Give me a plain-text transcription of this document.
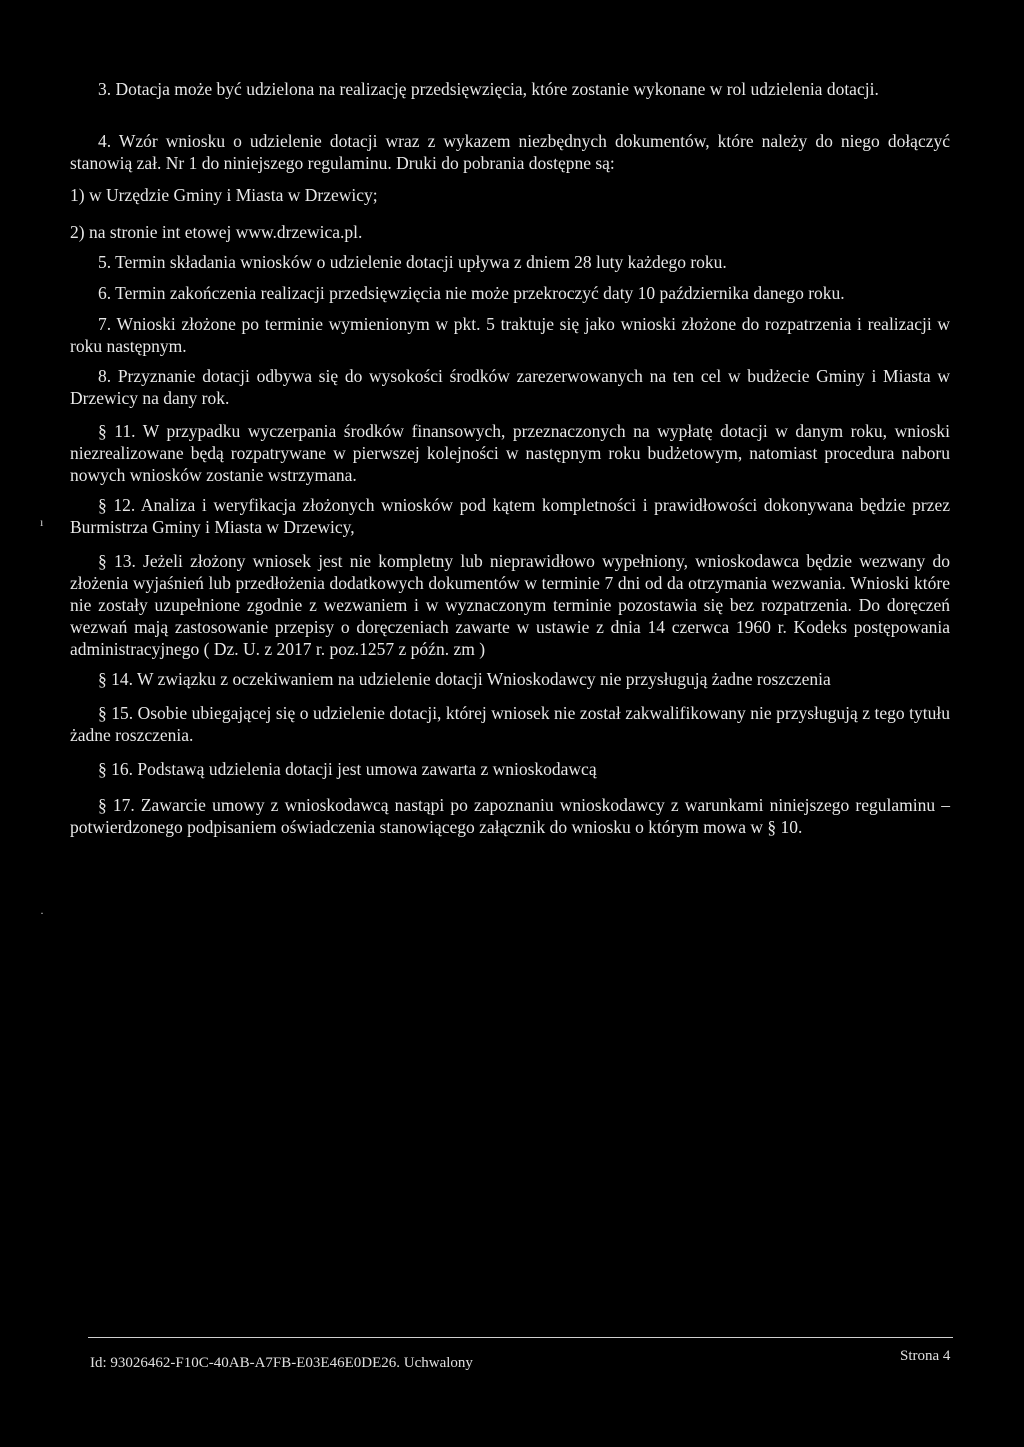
3. Dotacja może być udzielona na realizację przedsięwzięcia, które zostanie wykonane w rol udzielenia dotacji.

4. Wzór wniosku o udzielenie dotacji wraz z wykazem niezbędnych dokumentów, które należy do niego dołączyć stanowią zał. Nr 1 do niniejszego regulaminu. Druki do pobrania dostępne są:

1) w Urzędzie Gminy i Miasta w Drzewicy;

2) na stronie int etowej www.drzewica.pl.

5. Termin składania wniosków o udzielenie dotacji upływa z dniem 28 luty każdego roku.

6. Termin zakończenia realizacji przedsięwzięcia nie może przekroczyć daty 10 października danego roku.

7. Wnioski złożone po terminie wymienionym w pkt. 5 traktuje się jako wnioski złożone do rozpatrzenia i realizacji w roku następnym.

8. Przyznanie dotacji odbywa się do wysokości środków zarezerwowanych na ten cel w budżecie Gminy i Miasta w Drzewicy na dany rok.

§ 11. W przypadku wyczerpania środków finansowych, przeznaczonych na wypłatę dotacji w danym roku, wnioski niezrealizowane będą rozpatrywane w pierwszej kolejności w następnym roku budżetowym, natomiast procedura naboru nowych wniosków zostanie wstrzymana.

§ 12. Analiza i weryfikacja złożonych wniosków pod kątem kompletności i prawidłowości dokonywana będzie przez Burmistrza Gminy i Miasta w Drzewicy,

§ 13. Jeżeli złożony wniosek jest nie kompletny lub nieprawidłowo wypełniony, wnioskodawca będzie wezwany do złożenia wyjaśnień lub przedłożenia dodatkowych dokumentów w terminie 7 dni od da otrzymania wezwania. Wnioski które nie zostały uzupełnione zgodnie z wezwaniem i w wyznaczonym terminie pozostawia się bez rozpatrzenia. Do doręczeń wezwań mają zastosowanie przepisy o doręczeniach zawarte w ustawie z dnia 14 czerwca 1960 r. Kodeks postępowania administracyjnego ( Dz. U. z 2017 r. poz.1257 z późn. zm )

§ 14. W związku z oczekiwaniem na udzielenie dotacji Wnioskodawcy nie przysługują żadne roszczenia

§ 15. Osobie ubiegającej się o udzielenie dotacji, której wniosek nie został zakwalifikowany nie przysługują z tego tytułu żadne roszczenia.

§ 16. Podstawą udzielenia dotacji jest umowa zawarta z wnioskodawcą

§ 17. Zawarcie umowy z wnioskodawcą nastąpi po zapoznaniu wnioskodawcy z warunkami niniejszego regulaminu – potwierdzonego podpisaniem oświadczenia stanowiącego załącznik do wniosku o którym mowa w § 10.

ı
·
Id: 93026462-F10C-40AB-A7FB-E03E46E0DE26. Uchwalony	Strona 4
